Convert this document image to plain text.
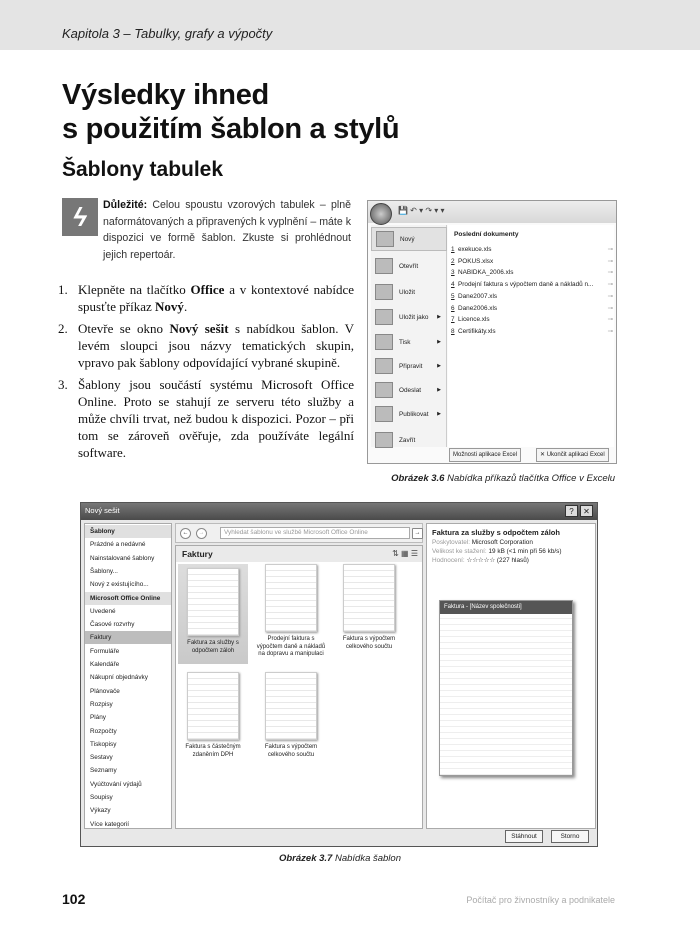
Kapitola 3 – Tabulky, grafy a výpočty
Výsledky ihned
s použitím šablon a stylů
Šablony tabulek
ϟ	Důležité: Celou spoustu vzorových tabulek – plně naformátovaných a připravených k vyplnění – máte k dispozici ve formě šablon. Zkuste si prohlédnout jejich repertoár.
1. Klepněte na tlačítko Office a v kontextové nabídce spusťte příkaz Nový.
2. Otevře se okno Nový sešit s nabídkou šablon. V levém sloupci jsou názvy tematických skupin, vpravo pak šablony odpovídající vybrané skupině.
3. Šablony jsou součástí systému Microsoft Office Online. Proto se stahují ze serveru této služby a může chvíli trvat, než budou k dispozici. Pozor – při tom se zároveň ověřuje, zda používáte legální software.
💾 ↶ ▾ ↷ ▾ ▾
Nový
Otevřít
Uložit
Uložit jako ▶
Tisk	▶
Připravit	▶
Odeslat	▶
Publikovat ▶
Zavřít
Poslední dokumenty
1 exekuce.xls	⊸
2 POKUS.xlsx	⊸
3 NABIDKA_2006.xls	⊸
4 Prodejní faktura s výpočtem daně a nákladů n...	⊸
5 Dane2007.xls	⊸
6 Dane2006.xls	⊸
7 Licence.xls	⊸
8 Certifikáty.xls	⊸
Možnosti aplikace Excel	✕ Ukončit aplikaci Excel
Obrázek 3.6 Nabídka příkazů tlačítka Office v Excelu
Nový sešit	?	✕
Šablony
Prázdné a nedávné
Nainstalované šablony
Šablony...
Nový z existujícího...
Microsoft Office Online
Uvedené
Časové rozvrhy
Faktury
Formuláře
Kalendáře
Nákupní objednávky
Plánovače
Rozpisy
Plány
Rozpočty
Tiskopisy
Sestavy
Seznamy
Vyúčtování výdajů
Soupisy
Výkazy
Více kategorií
←	→	Vyhledat šablonu ve službě Microsoft Office Online	→
Faktury	⇅ ▦ ☰
Faktura za služby s odpočtem záloh
Prodejní faktura s výpočtem daně a nákladů na dopravu a manipulaci
Faktura s výpočtem celkového součtu
Faktura s částečným zdaněním DPH
Faktura s výpočtem celkového součtu
Faktura za služby s odpočtem záloh
Poskytovatel: Microsoft Corporation
Velikost ke stažení: 19 kB (<1 min při 56 kb/s)
Hodnocení: ☆☆☆☆☆ (227 hlasů)
Faktura - [Název společnosti]
Stáhnout	Storno
Obrázek 3.7 Nabídka šablon
102	Počítač pro živnostníky a podnikatele
